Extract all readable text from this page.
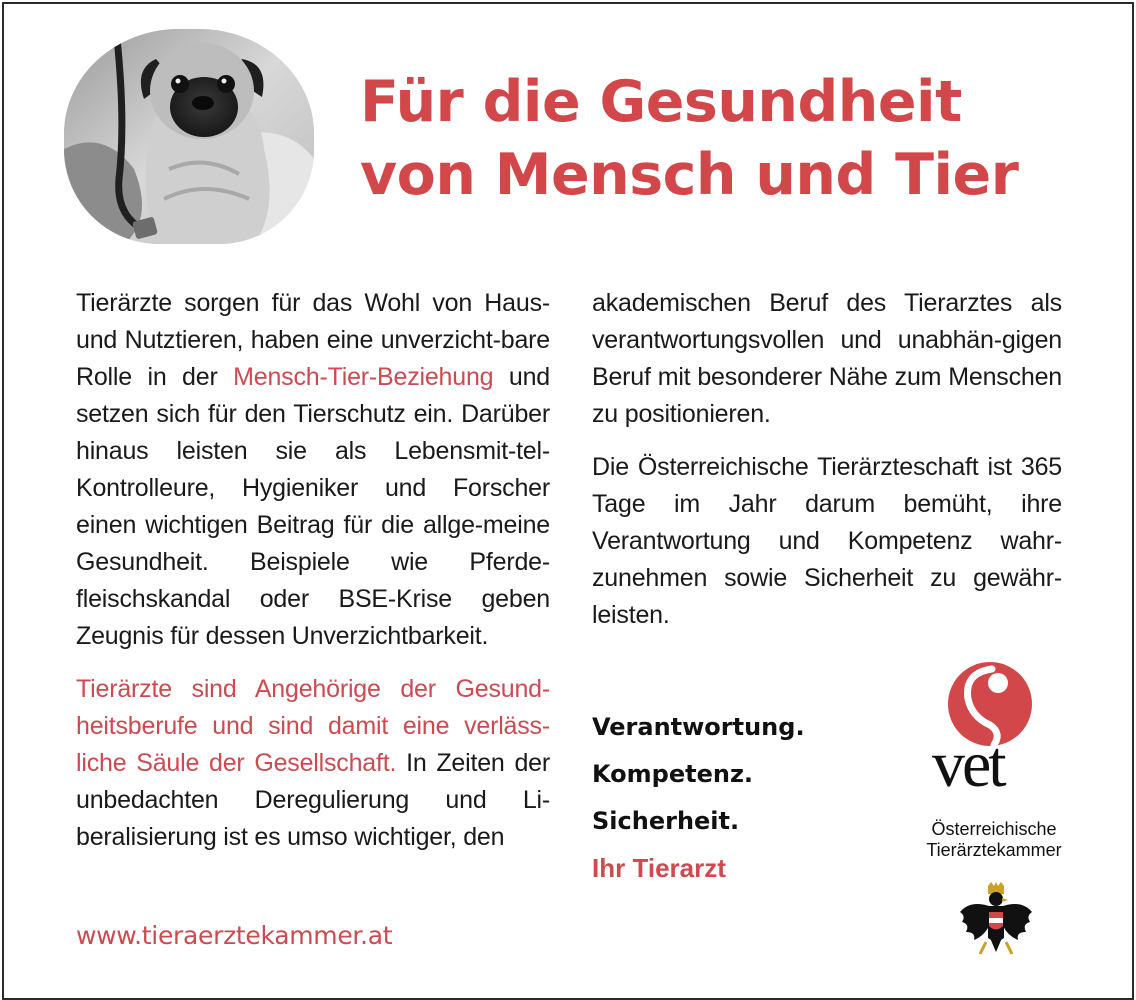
Für die Gesundheit
von Mensch und Tier

Tierärzte sorgen für das Wohl von Haus- und Nutztieren, haben eine unverzicht-bare Rolle in der Mensch-Tier-Beziehung und setzen sich für den Tierschutz ein. Darüber hinaus leisten sie als Lebensmit-tel-Kontrolleure, Hygieniker und Forscher einen wichtigen Beitrag für die allge-meine Gesundheit. Beispiele wie Pferde-fleischskandal oder BSE-Krise geben Zeugnis für dessen Unverzichtbarkeit.

Tierärzte sind Angehörige der Gesund-heitsberufe und sind damit eine verläss-liche Säule der Gesellschaft. In Zeiten der unbedachten Deregulierung und Li-beralisierung ist es umso wichtiger, den

akademischen Beruf des Tierarztes als verantwortungsvollen und unabhän-gigen Beruf mit besonderer Nähe zum Menschen zu positionieren.

Die Österreichische Tierärzteschaft ist 365 Tage im Jahr darum bemüht, ihre Verantwortung und Kompetenz wahr-zunehmen sowie Sicherheit zu gewähr-leisten.

Verantwortung.
Kompetenz.
Sicherheit.
Ihr Tierarzt
vet
Österreichische
Tierärztekammer
www.tieraerztekammer.at
